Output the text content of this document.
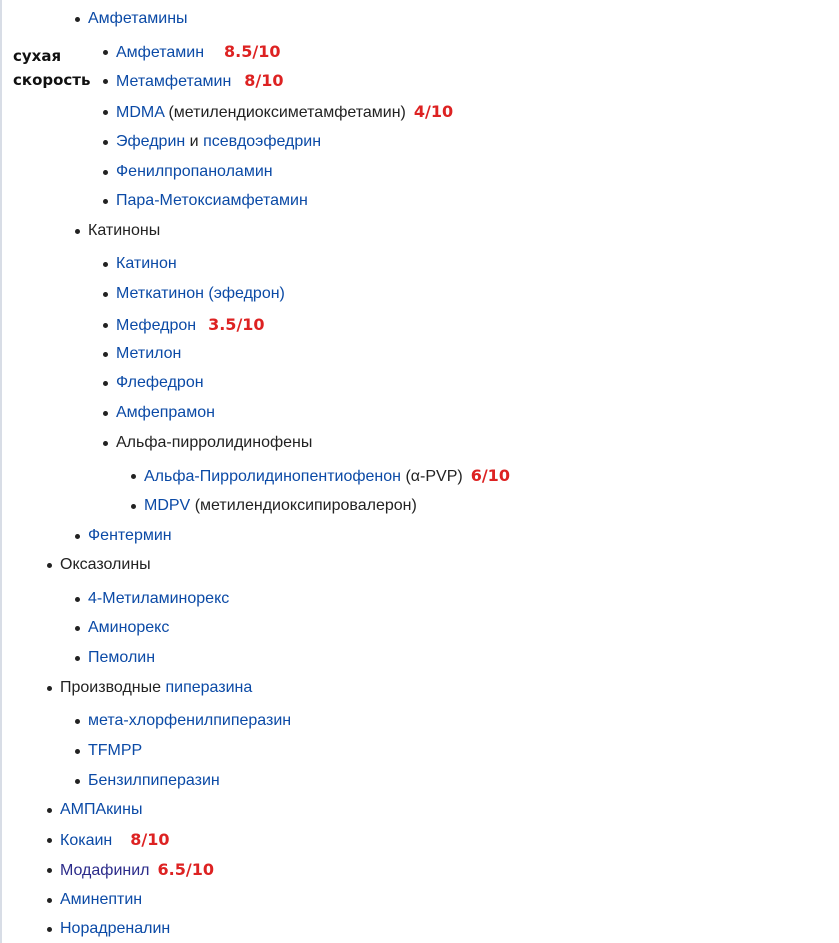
сухая
скорость
Амфетамины
Амфетамин 8.5/10
Метамфетамин 8/10
MDMA (метилендиоксиметамфетамин) 4/10
Эфедрин и псевдоэфедрин
Фенилпропаноламин
Пара-Метоксиамфетамин
Катиноны
Катинон
Меткатинон (эфедрон)
Мефедрон 3.5/10
Метилон
Флефедрон
Амфепрамон
Альфа-пирролидинофены
Альфа-Пирролидинопентиофенон (α-PVP) 6/10
MDPV (метилендиоксипировалерон)
Фентермин
Оксазолины
4-Метиламинорекс
Аминорекс
Пемолин
Производные пиперазина
мета-хлорфенилпиперазин
TFMPP
Бензилпиперазин
АМПАкины
Кокаин 8/10
Модафинил 6.5/10
Аминептин
Норадреналин
